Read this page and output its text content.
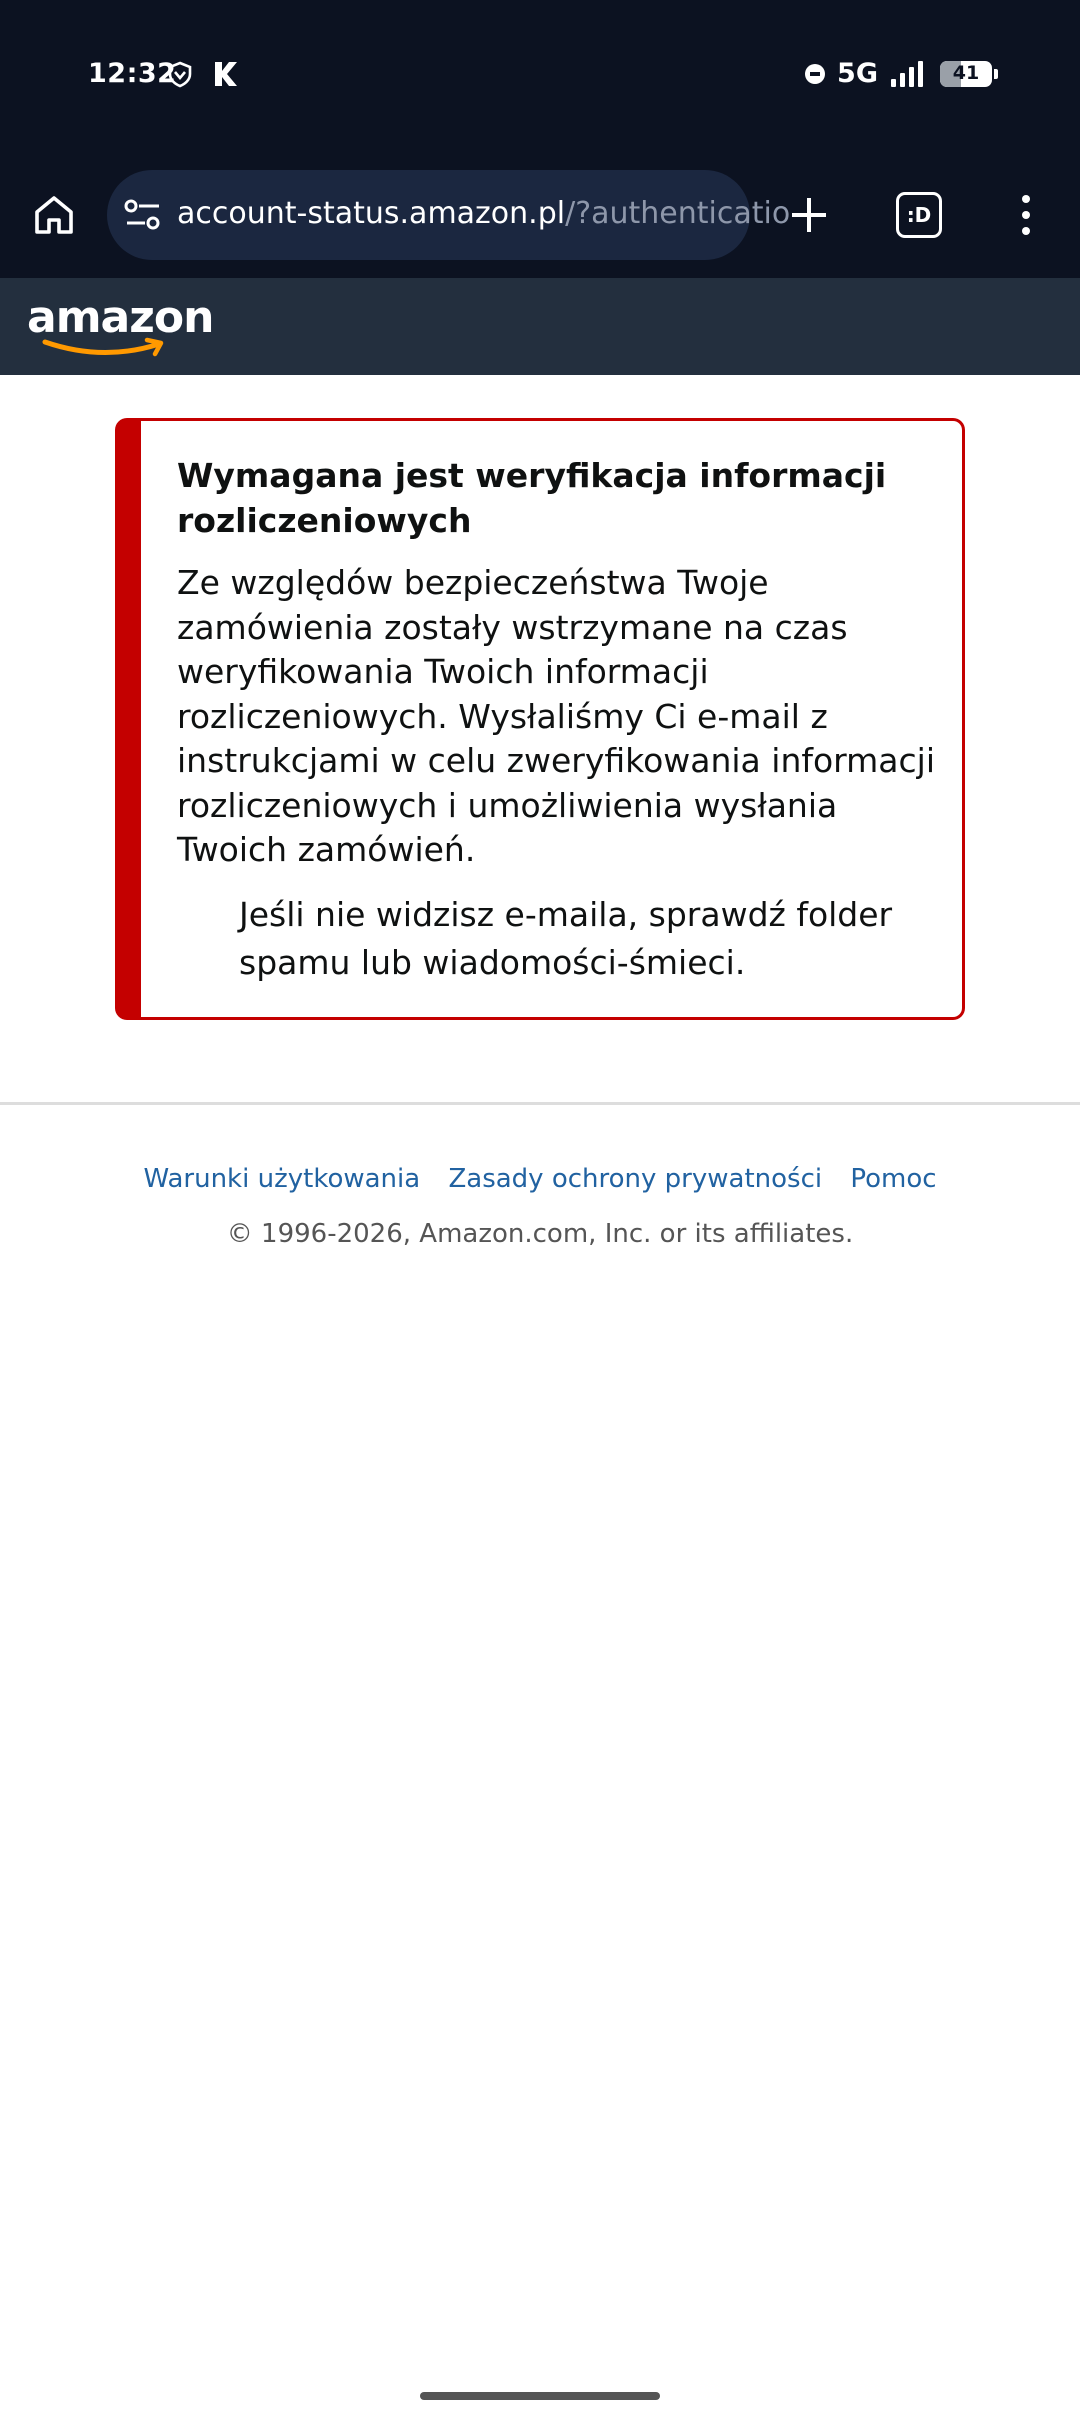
12:32	5G	41
account-status.amazon.pl/?authenticatio	:D
amazon
Wymagana jest weryfikacja informacji rozliczeniowych
Ze względów bezpieczeństwa Twoje zamówienia zostały wstrzymane na czas weryfikowania Twoich informacji rozliczeniowych. Wysłaliśmy Ci e-mail z instrukcjami w celu zweryfikowania informacji rozliczeniowych i umożliwienia wysłania Twoich zamówień.
Jeśli nie widzisz e-maila, sprawdź folder spamu lub wiadomości-śmieci.
Warunki użytkowania Zasady ochrony prywatności Pomoc
© 1996-2026, Amazon.com, Inc. or its affiliates.
